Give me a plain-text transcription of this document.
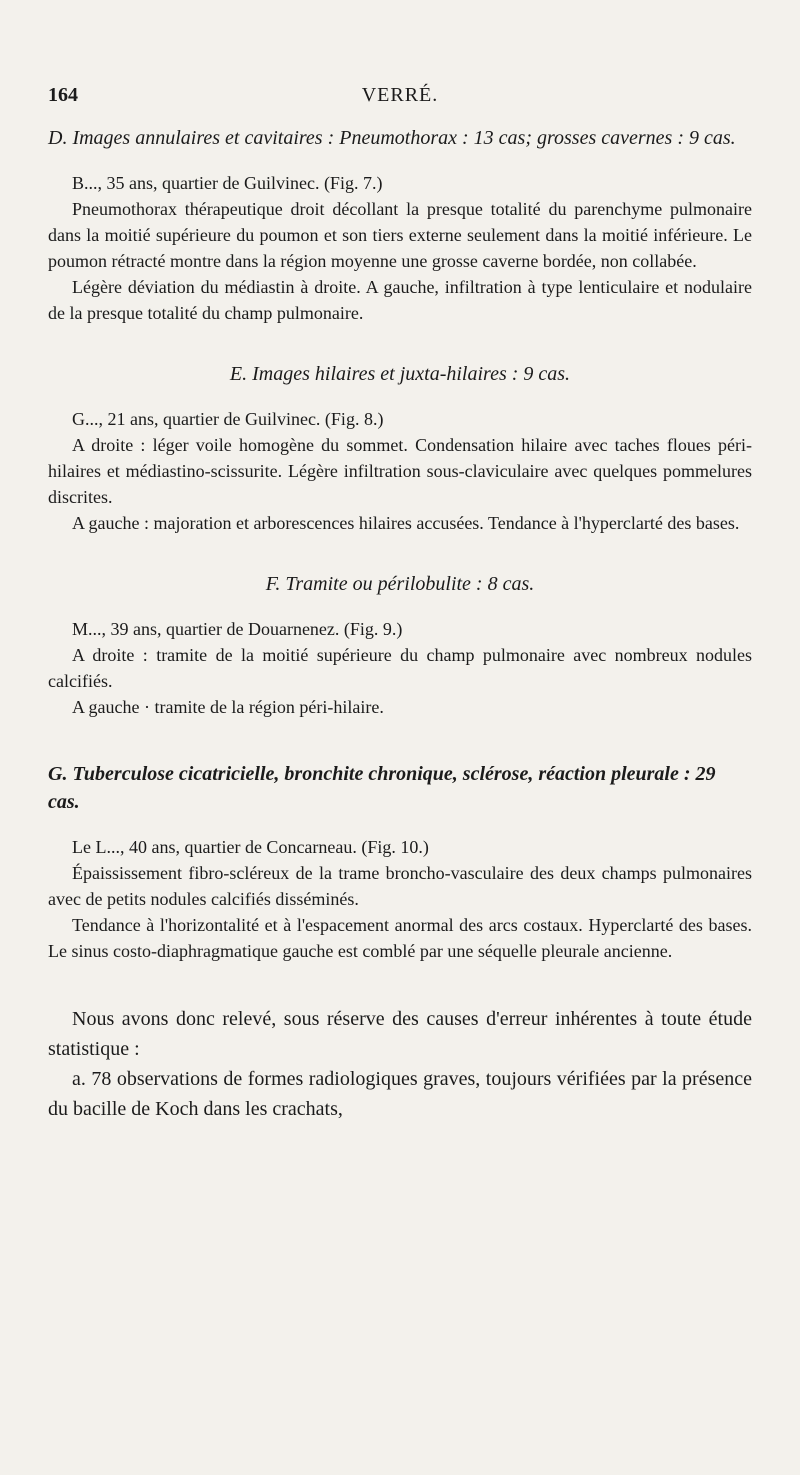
164	VERRÉ.
D. Images annulaires et cavitaires : Pneumothorax : 13 cas; grosses cavernes : 9 cas.

B..., 35 ans, quartier de Guilvinec. (Fig. 7.)

Pneumothorax thérapeutique droit décollant la presque totalité du parenchyme pulmonaire dans la moitié supérieure du poumon et son tiers externe seulement dans la moitié inférieure. Le poumon rétracté montre dans la région moyenne une grosse caverne bordée, non collabée.

Légère déviation du médiastin à droite. A gauche, infiltration à type lenticulaire et nodulaire de la presque totalité du champ pulmonaire.

E. Images hilaires et juxta-hilaires : 9 cas.

G..., 21 ans, quartier de Guilvinec. (Fig. 8.)

A droite : léger voile homogène du sommet. Condensation hilaire avec taches floues péri-hilaires et médiastino-scissurite. Légère infiltration sous-claviculaire avec quelques pommelures discrites.

A gauche : majoration et arborescences hilaires accusées. Tendance à l'hyperclarté des bases.

F. Tramite ou périlobulite : 8 cas.

M..., 39 ans, quartier de Douarnenez. (Fig. 9.)

A droite : tramite de la moitié supérieure du champ pulmonaire avec nombreux nodules calcifiés.

A gauche · tramite de la région péri-hilaire.

G. Tuberculose cicatricielle, bronchite chronique, sclérose, réaction pleurale : 29 cas.

Le L..., 40 ans, quartier de Concarneau. (Fig. 10.)

Épaississement fibro-scléreux de la trame broncho-vasculaire des deux champs pulmonaires avec de petits nodules calcifiés disséminés.

Tendance à l'horizontalité et à l'espacement anormal des arcs costaux. Hyperclarté des bases. Le sinus costo-diaphragmatique gauche est comblé par une séquelle pleurale ancienne.

Nous avons donc relevé, sous réserve des causes d'erreur inhérentes à toute étude statistique :

a. 78 observations de formes radiologiques graves, toujours vérifiées par la présence du bacille de Koch dans les crachats,
